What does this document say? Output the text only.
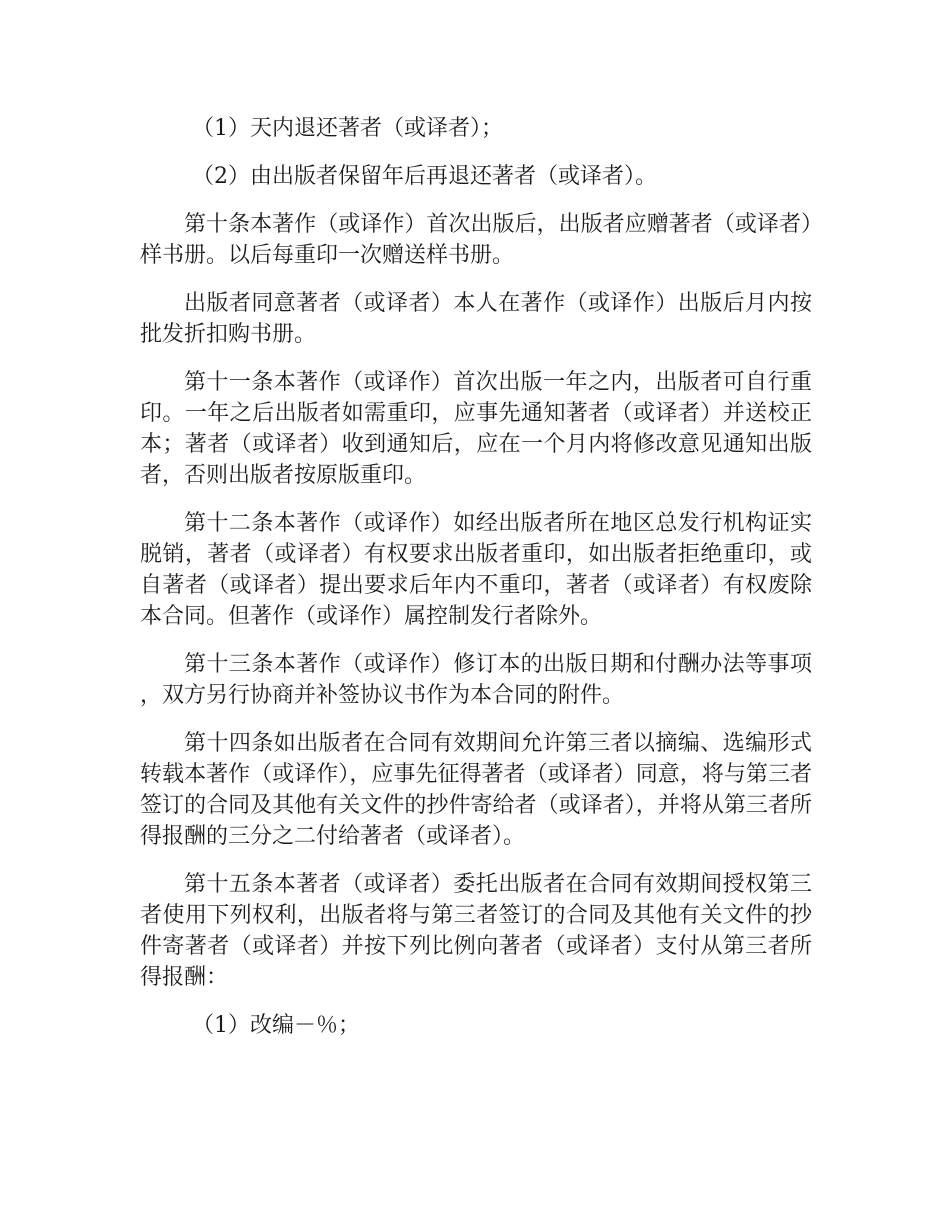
（1）天内退还著者（或译者）；

（2）由出版者保留年后再退还著者（或译者）。

第十条本著作（或译作）首次出版后，出版者应赠著者（或译者）样书册。以后每重印一次赠送样书册。

出版者同意著者（或译者）本人在著作（或译作）出版后月内按批发折扣购书册。

第十一条本著作（或译作）首次出版一年之内，出版者可自行重印。一年之后出版者如需重印，应事先通知著者（或译者）并送校正本；著者（或译者）收到通知后，应在一个月内将修改意见通知出版者，否则出版者按原版重印。

第十二条本著作（或译作）如经出版者所在地区总发行机构证实脱销，著者（或译者）有权要求出版者重印，如出版者拒绝重印，或自著者（或译者）提出要求后年内不重印，著者（或译者）有权废除本合同。但著作（或译作）属控制发行者除外。

第十三条本著作（或译作）修订本的出版日期和付酬办法等事项，双方另行协商并补签协议书作为本合同的附件。

第十四条如出版者在合同有效期间允许第三者以摘编、选编形式转载本著作（或译作），应事先征得著者（或译者）同意，将与第三者签订的合同及其他有关文件的抄件寄给者（或译者），并将从第三者所得报酬的三分之二付给著者（或译者）。

第十五条本著者（或译者）委托出版者在合同有效期间授权第三者使用下列权利，出版者将与第三者签订的合同及其他有关文件的抄件寄著者（或译者）并按下列比例向著者（或译者）支付从第三者所得报酬：

（1）改编－％；
